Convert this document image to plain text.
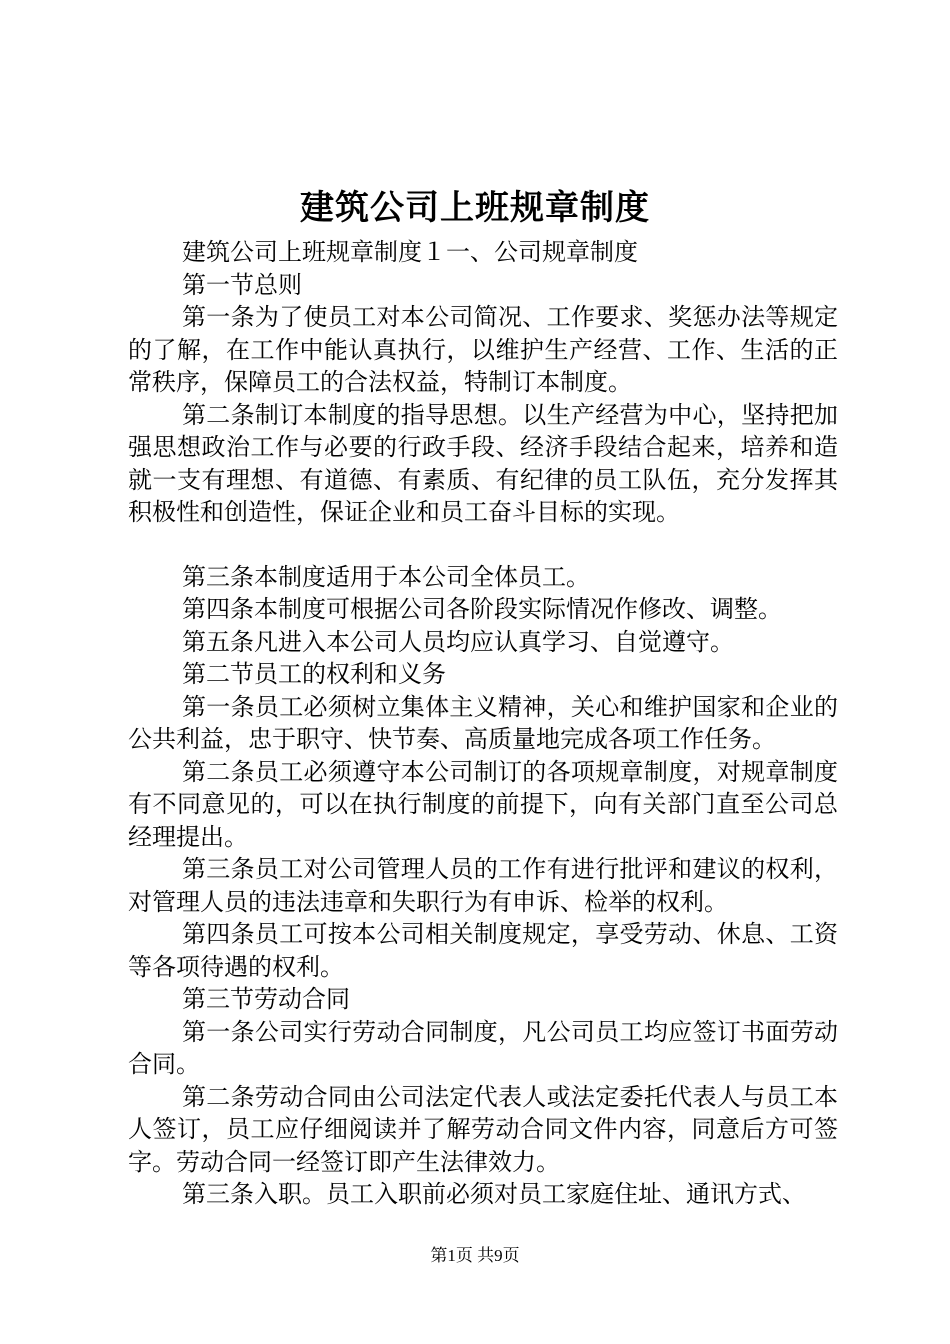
建筑公司上班规章制度

建筑公司上班规章制度１一、公司规章制度

第一节总则

第一条为了使员工对本公司简况、工作要求、奖惩办法等规定的了解，在工作中能认真执行，以维护生产经营、工作、生活的正常秩序，保障员工的合法权益，特制订本制度。

第二条制订本制度的指导思想。以生产经营为中心，坚持把加强思想政治工作与必要的行政手段、经济手段结合起来，培养和造就一支有理想、有道德、有素质、有纪律的员工队伍，充分发挥其积极性和创造性，保证企业和员工奋斗目标的实现。

第三条本制度适用于本公司全体员工。

第四条本制度可根据公司各阶段实际情况作修改、调整。

第五条凡进入本公司人员均应认真学习、自觉遵守。

第二节员工的权利和义务

第一条员工必须树立集体主义精神，关心和维护国家和企业的公共利益，忠于职守、快节奏、高质量地完成各项工作任务。

第二条员工必须遵守本公司制订的各项规章制度，对规章制度有不同意见的，可以在执行制度的前提下，向有关部门直至公司总经理提出。

第三条员工对公司管理人员的工作有进行批评和建议的权利，对管理人员的违法违章和失职行为有申诉、检举的权利。

第四条员工可按本公司相关制度规定，享受劳动、休息、工资等各项待遇的权利。

第三节劳动合同

第一条公司实行劳动合同制度，凡公司员工均应签订书面劳动合同。

第二条劳动合同由公司法定代表人或法定委托代表人与员工本人签订，员工应仔细阅读并了解劳动合同文件内容，同意后方可签字。劳动合同一经签订即产生法律效力。

第三条入职。员工入职前必须对员工家庭住址、通讯方式、

第1页 共9页
